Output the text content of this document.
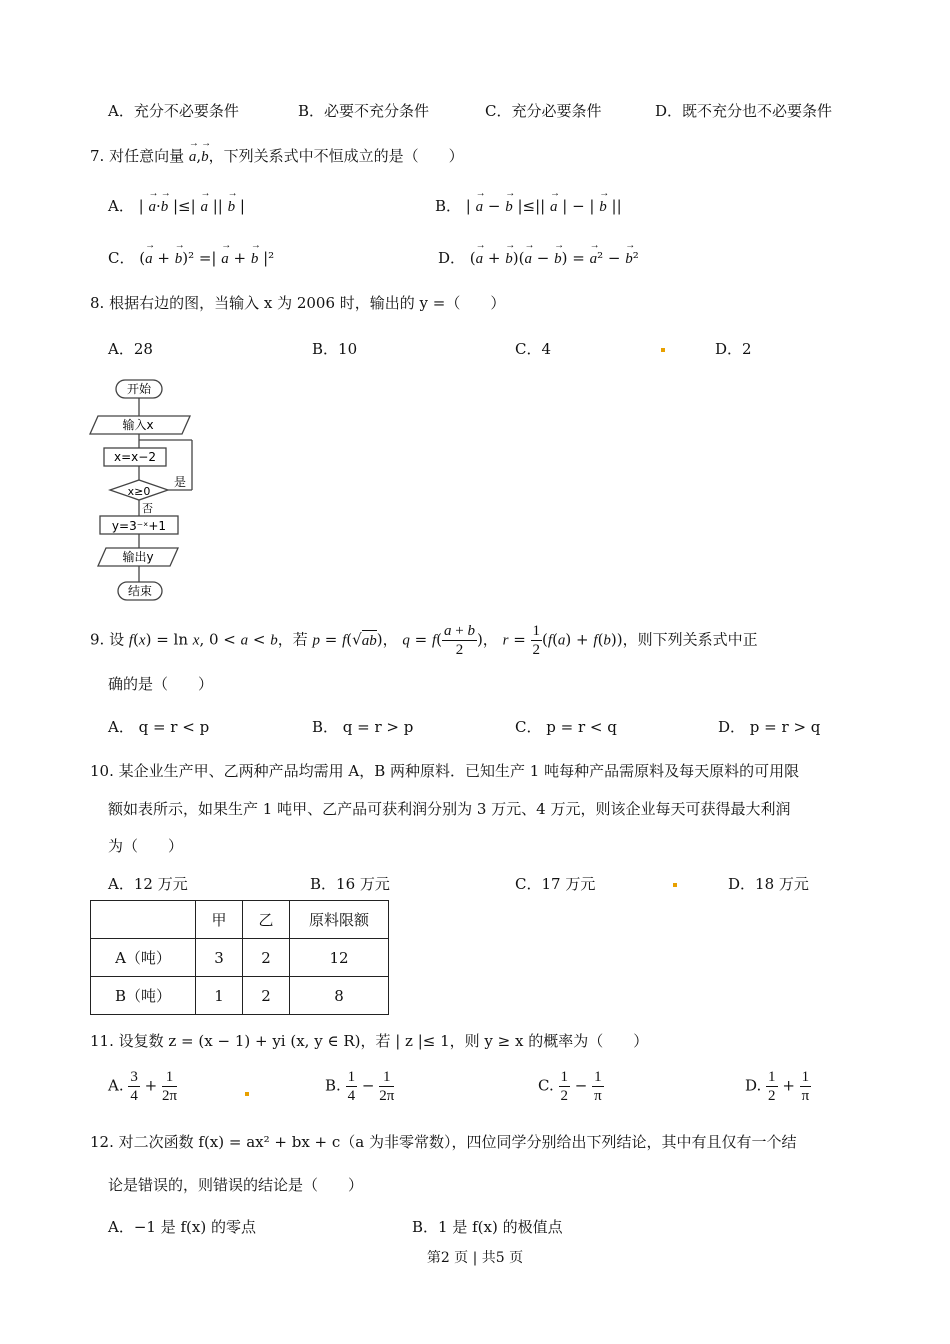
A．充分不必要条件	B．必要不充分条件	C．充分必要条件	D．既不充分也不必要条件
7. 对任意向量 → a,→ b，下列关系式中不恒成立的是（　　）
A． | → a·→ b |≤| → a || → b |	B． | → a − → b |≤|| → a | − | → b ||
C． (→ a + → b)² =| → a + → b |²	D． (→ a + → b)(→ a − → b) = → a² − → b²
8. 根据右边的图，当输入 x 为 2006 时，输出的 y =（　　）
A．28	B．10	C．4	D．2
开始
输入x
x=x−2
x≥0
是
否
y=3⁻ˣ+1
输出y
结束
9. 设 f(x) = ln x, 0 < a < b，若 p = f(√ab)， $q = f( \frac{a + b}{2}$ )， $r = \frac{1}{2} (f(a) + f(b))$，则下列关系式中正
确的是（　　）
A． q = r < p	B． q = r > p	C． p = r < q	D． p = r > q
10. 某企业生产甲、乙两种产品均需用 A，B 两种原料．已知生产 1 吨每种产品需原料及每天原料的可用限
额如表所示，如果生产 1 吨甲、乙产品可获利润分别为 3 万元、4 万元，则该企业每天可获得最大利润
为（　　）
A．12 万元	B．16 万元	C．17 万元	D．18 万元
	甲	乙	原料限额
A（吨）	3	2	12
B（吨）	1	2	8
11. 设复数 z = (x − 1) + yi (x, y ∈ R)，若 | z |≤ 1，则 y ≥ x 的概率为（　　）
A. $\frac{3}{4} + \frac{1}{2\pi}$	B. $\frac{1}{4} - \frac{1}{2\pi}$	C. $\frac{1}{2} - \frac{1}{\pi}$	D. $\frac{1}{2} + \frac{1}{\pi}$
12. 对二次函数 f(x) = ax² + bx + c（a 为非零常数），四位同学分别给出下列结论，其中有且仅有一个结
论是错误的，则错误的结论是（　　）
A．−1 是 f(x) 的零点	B．1 是 f(x) 的极值点
第2 页 | 共5 页
